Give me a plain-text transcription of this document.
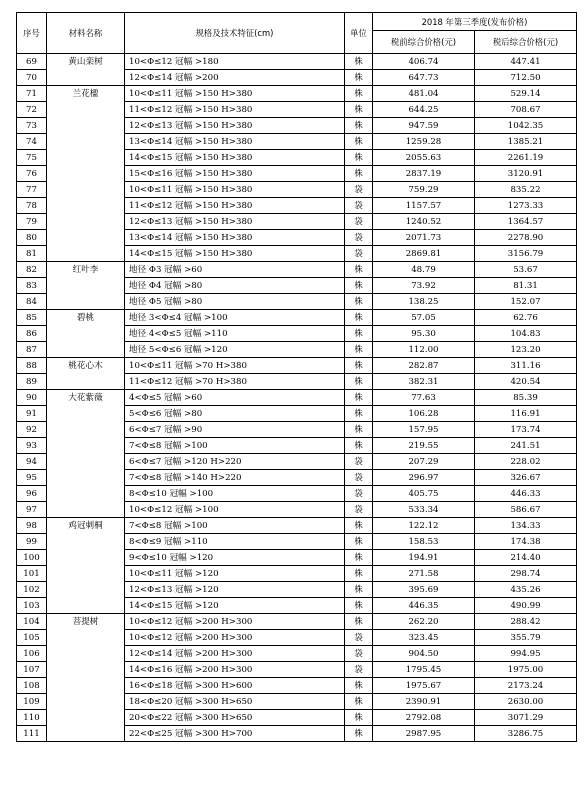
序号	材料名称	规格及技术特征(cm)	单位	2018 年第三季度(发布价格)	
				税前综合价格(元)	税后综合价格(元)
69	黄山栾树	10<Φ≤12 冠幅 >180	株	406.74	447.41
70		12<Φ≤14 冠幅 >200	株	647.73	712.50
71	兰花楹	10<Φ≤11 冠幅 >150 H>380	株	481.04	529.14
72		11<Φ≤12 冠幅 >150 H>380	株	644.25	708.67
73		12<Φ≤13 冠幅 >150 H>380	株	947.59	1042.35
74		13<Φ≤14 冠幅 >150 H>380	株	1259.28	1385.21
75		14<Φ≤15 冠幅 >150 H>380	株	2055.63	2261.19
76		15<Φ≤16 冠幅 >150 H>380	株	2837.19	3120.91
77		10<Φ≤11 冠幅 >150 H>380	袋	759.29	835.22
78		11<Φ≤12 冠幅 >150 H>380	袋	1157.57	1273.33
79		12<Φ≤13 冠幅 >150 H>380	袋	1240.52	1364.57
80		13<Φ≤14 冠幅 >150 H>380	袋	2071.73	2278.90
81		14<Φ≤15 冠幅 >150 H>380	袋	2869.81	3156.79
82	红叶李	地径 Φ3 冠幅 >60	株	48.79	53.67
83		地径 Φ4 冠幅 >80	株	73.92	81.31
84		地径 Φ5 冠幅 >80	株	138.25	152.07
85	碧桃	地径 3<Φ≤4 冠幅 >100	株	57.05	62.76
86		地径 4<Φ≤5 冠幅 >110	株	95.30	104.83
87		地径 5<Φ≤6 冠幅 >120	株	112.00	123.20
88	桃花心木	10<Φ≤11 冠幅 >70 H>380	株	282.87	311.16
89		11<Φ≤12 冠幅 >70 H>380	株	382.31	420.54
90	大花紫薇	4<Φ≤5 冠幅 >60	株	77.63	85.39
91		5<Φ≤6 冠幅 >80	株	106.28	116.91
92		6<Φ≤7 冠幅 >90	株	157.95	173.74
93		7<Φ≤8 冠幅 >100	株	219.55	241.51
94		6<Φ≤7 冠幅 >120 H>220	袋	207.29	228.02
95		7<Φ≤8 冠幅 >140 H>220	袋	296.97	326.67
96		8<Φ≤10 冠幅 >100	袋	405.75	446.33
97		10<Φ≤12 冠幅 >100	袋	533.34	586.67
98	鸡冠刺桐	7<Φ≤8 冠幅 >100	株	122.12	134.33
99		8<Φ≤9 冠幅 >110	株	158.53	174.38
100		9<Φ≤10 冠幅 >120	株	194.91	214.40
101		10<Φ≤11 冠幅 >120	株	271.58	298.74
102		12<Φ≤13 冠幅 >120	株	395.69	435.26
103		14<Φ≤15 冠幅 >120	株	446.35	490.99
104	菩提树	10<Φ≤12 冠幅 >200 H>300	株	262.20	288.42
105		10<Φ≤12 冠幅 >200 H>300	袋	323.45	355.79
106		12<Φ≤14 冠幅 >200 H>300	袋	904.50	994.95
107		14<Φ≤16 冠幅 >200 H>300	袋	1795.45	1975.00
108		16<Φ≤18 冠幅 >300 H>600	株	1975.67	2173.24
109		18<Φ≤20 冠幅 >300 H>650	株	2390.91	2630.00
110		20<Φ≤22 冠幅 >300 H>650	株	2792.08	3071.29
111		22<Φ≤25 冠幅 >300 H>700	株	2987.95	3286.75
